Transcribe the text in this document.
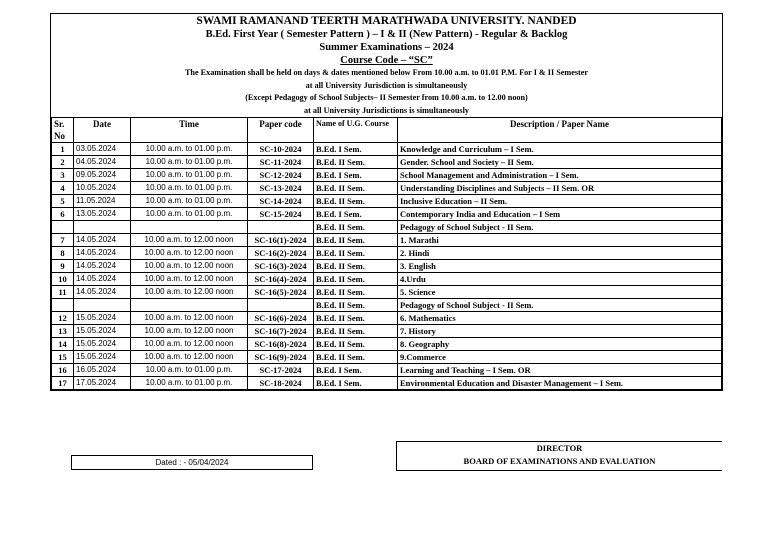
SWAMI RAMANAND TEERTH MARATHWADA UNIVERSITY. NANDED
B.Ed. First Year ( Semester Pattern ) – I & II (New Pattern) - Regular & Backlog
Summer Examinations – 2024
Course Code – “SC”
The Examination shall be held on days & dates mentioned below From 10.00 a.m. to 01.01 P.M. For I & II Semester
at all University Jurisdiction is simultaneously
(Except Pedagogy of School Subjects– II Semester from 10.00 a.m. to 12.00 noon)
at all University Jurisdictions is simultaneously
Sr. No	Date	Time	Paper code	Name of U.G. Course	Description / Paper Name
1	03.05.2024	10.00 a.m. to 01.00 p.m.	SC-10-2024	B.Ed. I Sem.	Knowledge and Curriculum – I Sem.
2	04.05.2024	10.00 a.m. to 01.00 p.m.	SC-11-2024	B.Ed. II Sem.	Gender. School and Society – II Sem.
3	09.05.2024	10.00 a.m. to 01.00 p.m.	SC-12-2024	B.Ed. I Sem.	School Management and Administration – I Sem.
4	10.05.2024	10.00 a.m. to 01.00 p.m.	SC-13-2024	B.Ed. II Sem.	Understanding Disciplines and Subjects – II Sem. OR
5	11.05.2024	10.00 a.m. to 01.00 p.m.	SC-14-2024	B.Ed. II Sem.	Inclusive Education – II Sem.
6	13.05.2024	10.00 a.m. to 01.00 p.m.	SC-15-2024	B.Ed. I Sem.	Contemporary India and Education – I Sem
				B.Ed. II Sem.	Pedagogy of School Subject - II Sem.
7	14.05.2024	10.00 a.m. to 12.00 noon	SC-16(1)-2024	B.Ed. II Sem.	1. Marathi
8	14.05.2024	10.00 a.m. to 12.00 noon	SC-16(2)-2024	B.Ed. II Sem.	2. Hindi
9	14.05.2024	10.00 a.m. to 12.00 noon	SC-16(3)-2024	B.Ed. II Sem.	3. English
10	14.05.2024	10.00 a.m. to 12.00 noon	SC-16(4)-2024	B.Ed. II Sem.	4.Urdu
11	14.05.2024	10.00 a.m. to 12.00 noon	SC-16(5)-2024	B.Ed. II Sem.	5. Science
				B.Ed. II Sem.	Pedagogy of School Subject - II Sem.
12	15.05.2024	10.00 a.m. to 12.00 noon	SC-16(6)-2024	B.Ed. II Sem.	6. Mathematics
13	15.05.2024	10.00 a.m. to 12.00 noon	SC-16(7)-2024	B.Ed. II Sem.	7. History
14	15.05.2024	10.00 a.m. to 12.00 noon	SC-16(8)-2024	B.Ed. II Sem.	8. Geography
15	15.05.2024	10.00 a.m. to 12.00 noon	SC-16(9)-2024	B.Ed. II Sem.	9.Commerce
16	16.05.2024	10.00 a.m. to 01.00 p.m.	SC-17-2024	B.Ed. I Sem.	Learning and Teaching – I Sem. OR
17	17.05.2024	10.00 a.m. to 01.00 p.m.	SC-18-2024	B.Ed. I Sem.	Environmental Education and Disaster Management – I Sem.
Dated : - 05/04/2024
DIRECTOR
BOARD OF EXAMINATIONS AND EVALUATION
